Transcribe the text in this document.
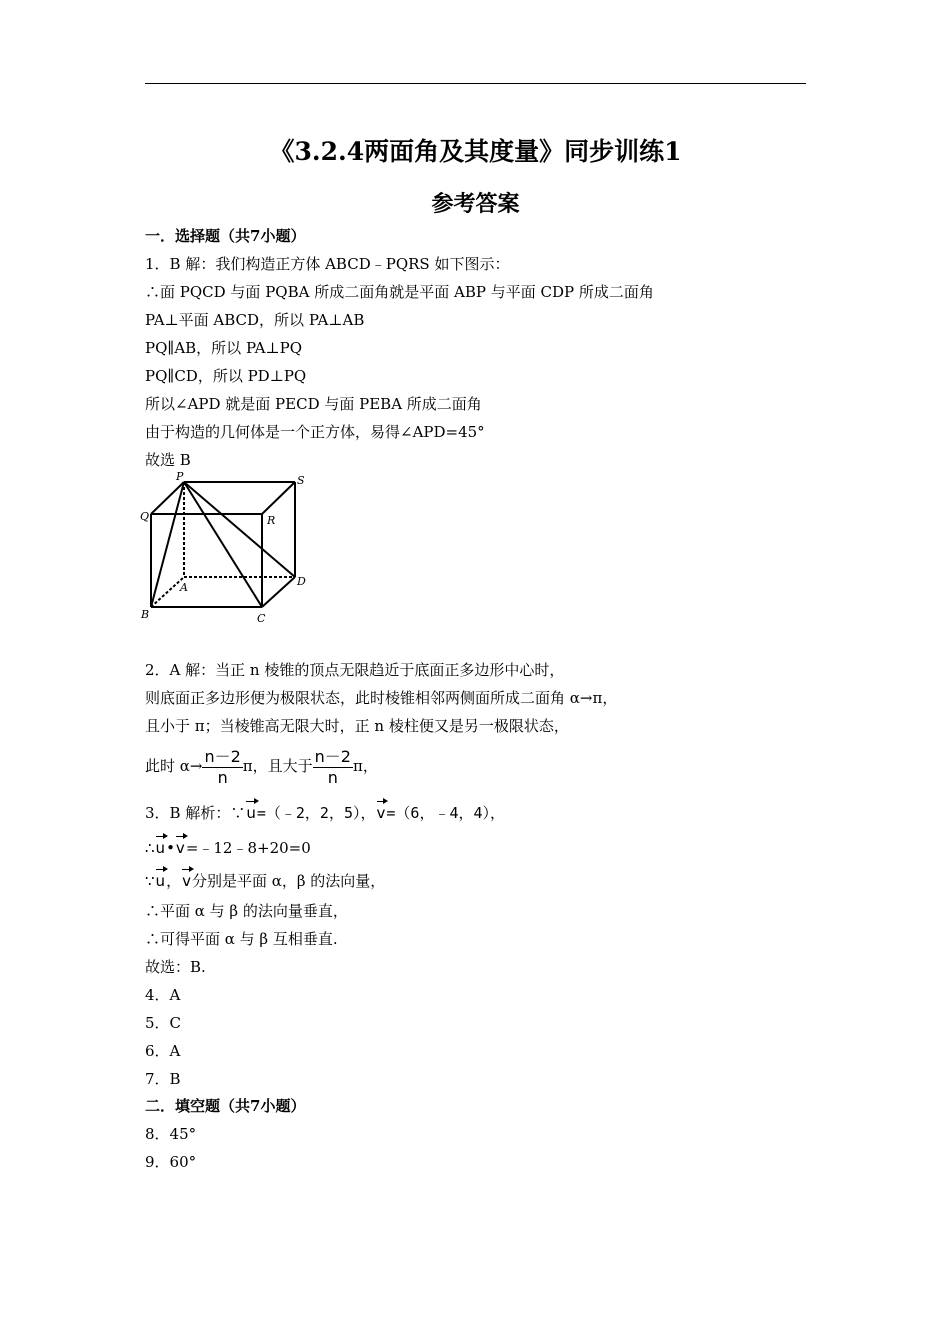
《3.2.4两面角及其度量》同步训练1
参考答案
一．选择题（共7小题）
1．B 解：我们构造正方体 ABCD﹣PQRS 如下图示：
∴面 PQCD 与面 PQBA 所成二面角就是平面 ABP 与平面 CDP 所成二面角
PA⊥平面 ABCD，所以 PA⊥AB
PQ∥AB，所以 PA⊥PQ
PQ∥CD，所以 PD⊥PQ
所以∠APD 就是面 PECD 与面 PEBA 所成二面角
由于构造的几何体是一个正方体，易得∠APD=45°
故选 B
P	S
Q	R
A	D
B	C
2．A 解：当正 n 棱锥的顶点无限趋近于底面正多边形中心时，
则底面正多边形便为极限状态，此时棱锥相邻两侧面所成二面角 α→π，
且小于 π；当棱锥高无限大时，正 n 棱柱便又是另一极限状态，
此时 $\alpha\to \frac{n-2}{n}$ π，且大于 $\frac{n-2}{n}$ π，
3．B 解析：∵u=（﹣2，2，5），v=（6，﹣4，4），
∴u•v=﹣12﹣8+20=0
∵u，v分别是平面 α，β 的法向量，
∴平面 α 与 β 的法向量垂直，
∴可得平面 α 与 β 互相垂直.
故选：B.
4．A
5．C
6．A
7．B
二．填空题（共7小题）
8．45°
9．60°
